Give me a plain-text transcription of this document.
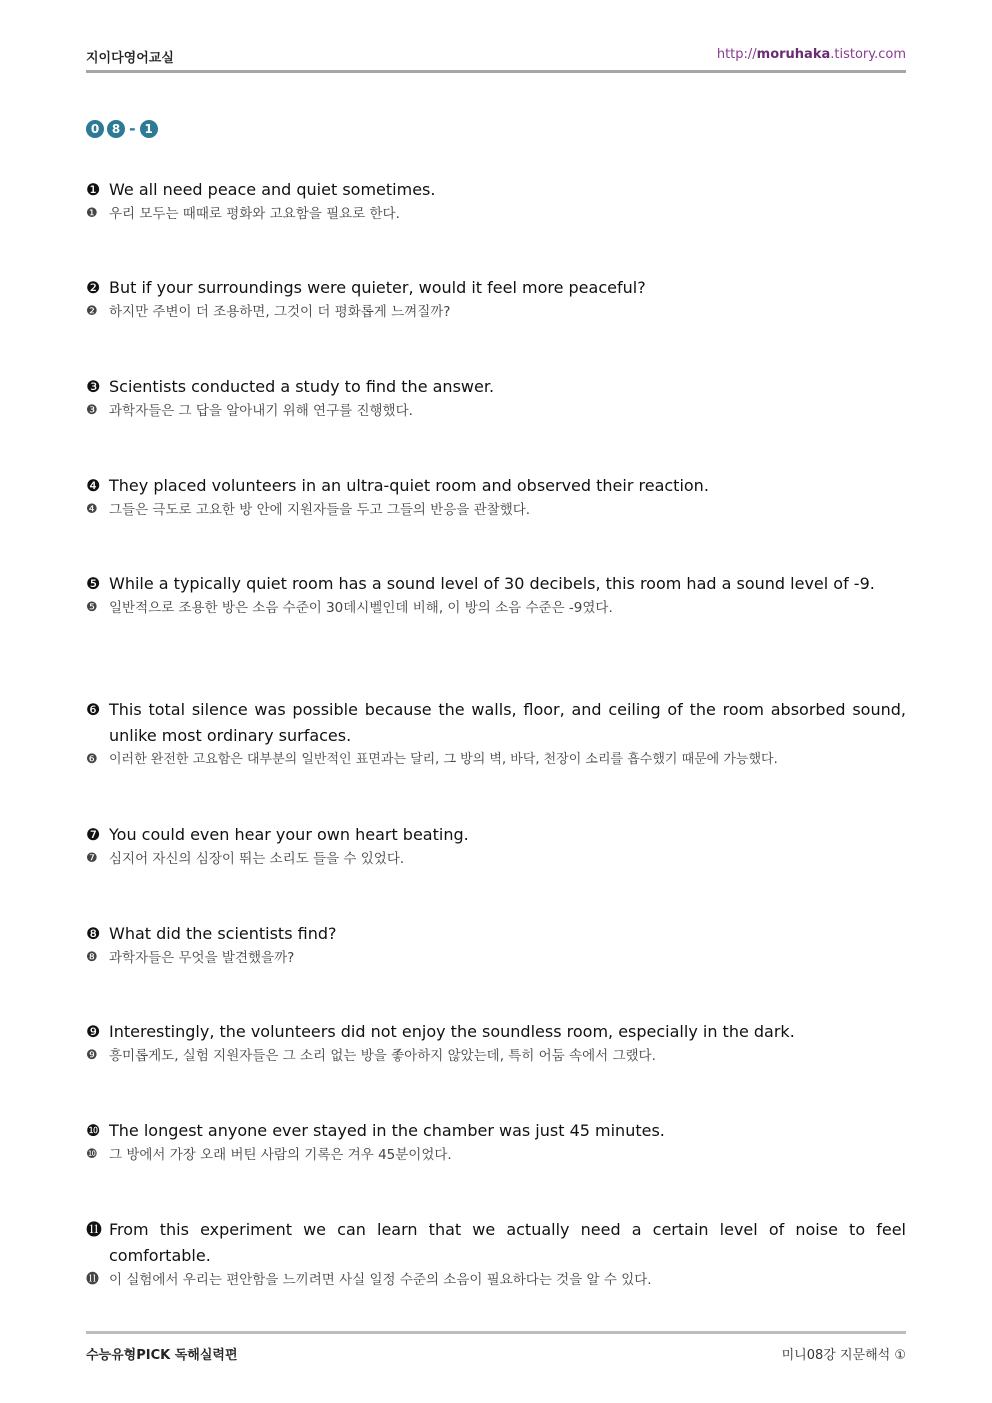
지이다영어교실	http://moruhaka.tistory.com
0	8 - 1
❶ We all need peace and quiet sometimes.
❶ 우리 모두는 때때로 평화와 고요함을 필요로 한다.
❷ But if your surroundings were quieter, would it feel more peaceful?
❷ 하지만 주변이 더 조용하면, 그것이 더 평화롭게 느껴질까?
❸ Scientists conducted a study to find the answer.
❸ 과학자들은 그 답을 알아내기 위해 연구를 진행했다.
❹ They placed volunteers in an ultra-quiet room and observed their reaction.
❹ 그들은 극도로 고요한 방 안에 지원자들을 두고 그들의 반응을 관찰했다.
❺ While a typically quiet room has a sound level of 30 decibels, this room had a sound level of -9.
❺ 일반적으로 조용한 방은 소음 수준이 30데시벨인데 비해, 이 방의 소음 수준은 -9였다.
❻ This total silence was possible because the walls, floor, and ceiling of the room absorbed sound, unlike most ordinary surfaces.
❻ 이러한 완전한 고요함은 대부분의 일반적인 표면과는 달리, 그 방의 벽, 바닥, 천장이 소리를 흡수했기 때문에 가능했다.
❼ You could even hear your own heart beating.
❼ 심지어 자신의 심장이 뛰는 소리도 들을 수 있었다.
❽ What did the scientists find?
❽ 과학자들은 무엇을 발견했을까?
❾ Interestingly, the volunteers did not enjoy the soundless room, especially in the dark.
❾ 흥미롭게도, 실험 지원자들은 그 소리 없는 방을 좋아하지 않았는데, 특히 어둠 속에서 그랬다.
❿ The longest anyone ever stayed in the chamber was just 45 minutes.
❿ 그 방에서 가장 오래 버틴 사람의 기록은 겨우 45분이었다.
⓫ From this experiment we can learn that we actually need a certain level of noise to feel comfortable.
⓫ 이 실험에서 우리는 편안함을 느끼려면 사실 일정 수준의 소음이 필요하다는 것을 알 수 있다.
수능유형PICK 독해실력편	미니08강 지문해석 ①
